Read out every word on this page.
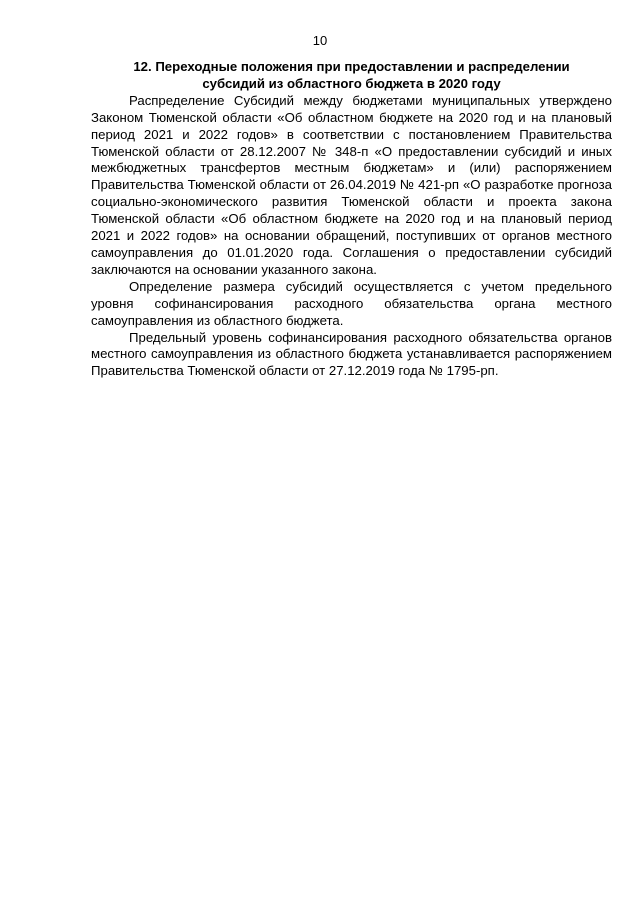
10
12. Переходные положения при предоставлении и распределении
субсидий из областного бюджета в 2020 году

Распределение Субсидий между бюджетами муниципальных утверждено Законом Тюменской области «Об областном бюджете на 2020 год и на плановый период 2021 и 2022 годов» в соответствии с постановлением Правительства Тюменской области от 28.12.2007 № 348-п «О предоставлении субсидий и иных межбюджетных трансфертов местным бюджетам» и (или) распоряжением Правительства Тюменской области от 26.04.2019 № 421-рп «О разработке прогноза социально-экономического развития Тюменской области и проекта закона Тюменской области «Об областном бюджете на 2020 год и на плановый период 2021 и 2022 годов» на основании обращений, поступивших от органов местного самоуправления до 01.01.2020 года. Соглашения о предоставлении субсидий заключаются на основании указанного закона.

Определение размера субсидий осуществляется с учетом предельного уровня софинансирования расходного обязательства органа местного самоуправления из областного бюджета.

Предельный уровень софинансирования расходного обязательства органов местного самоуправления из областного бюджета устанавливается распоряжением Правительства Тюменской области от 27.12.2019 года № 1795-рп.
